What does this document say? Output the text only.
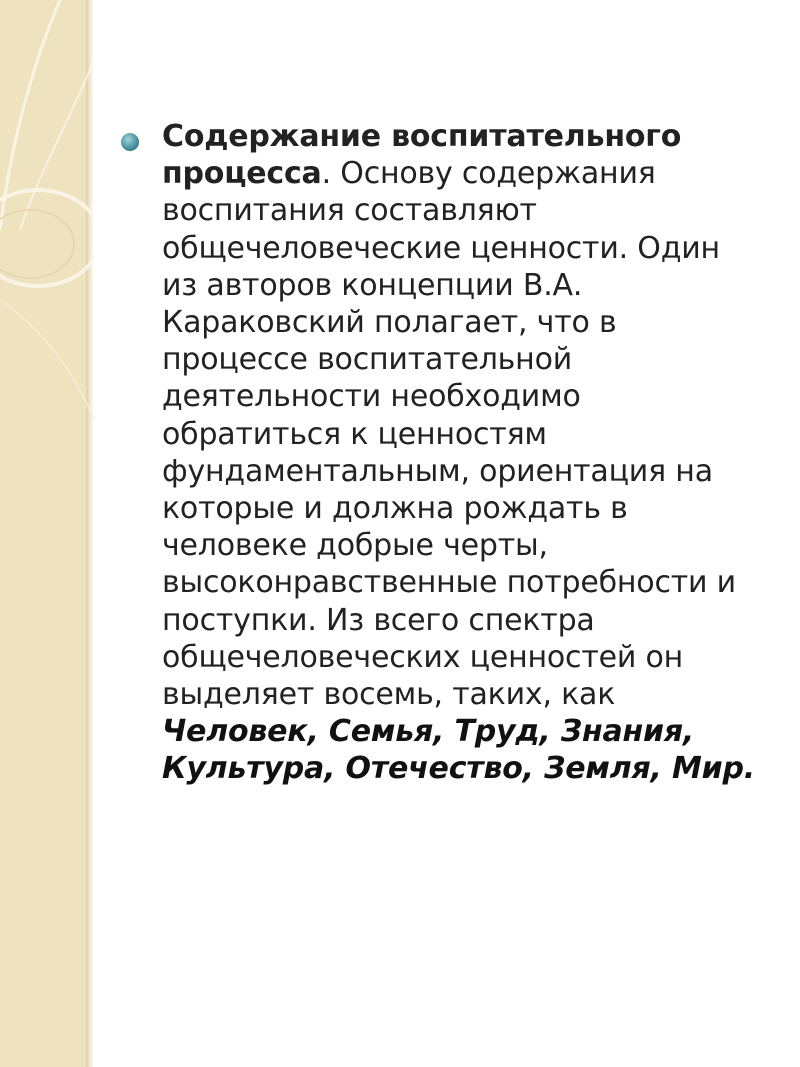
Содержание воспитательного процесса. Основу содержания воспитания составляют общечеловеческие ценности. Один из авторов концепции В.А. Караковский полагает, что в процессе воспитательной деятельности необходимо обратиться к ценностям фундаментальным, ориентация на которые и должна рождать в человеке добрые черты, высоконравственные потребности и поступки. Из всего спектра общечеловеческих ценностей он выделяет восемь, таких, как Человек, Семья, Труд, Знания, Культура, Отечество, Земля, Мир.
